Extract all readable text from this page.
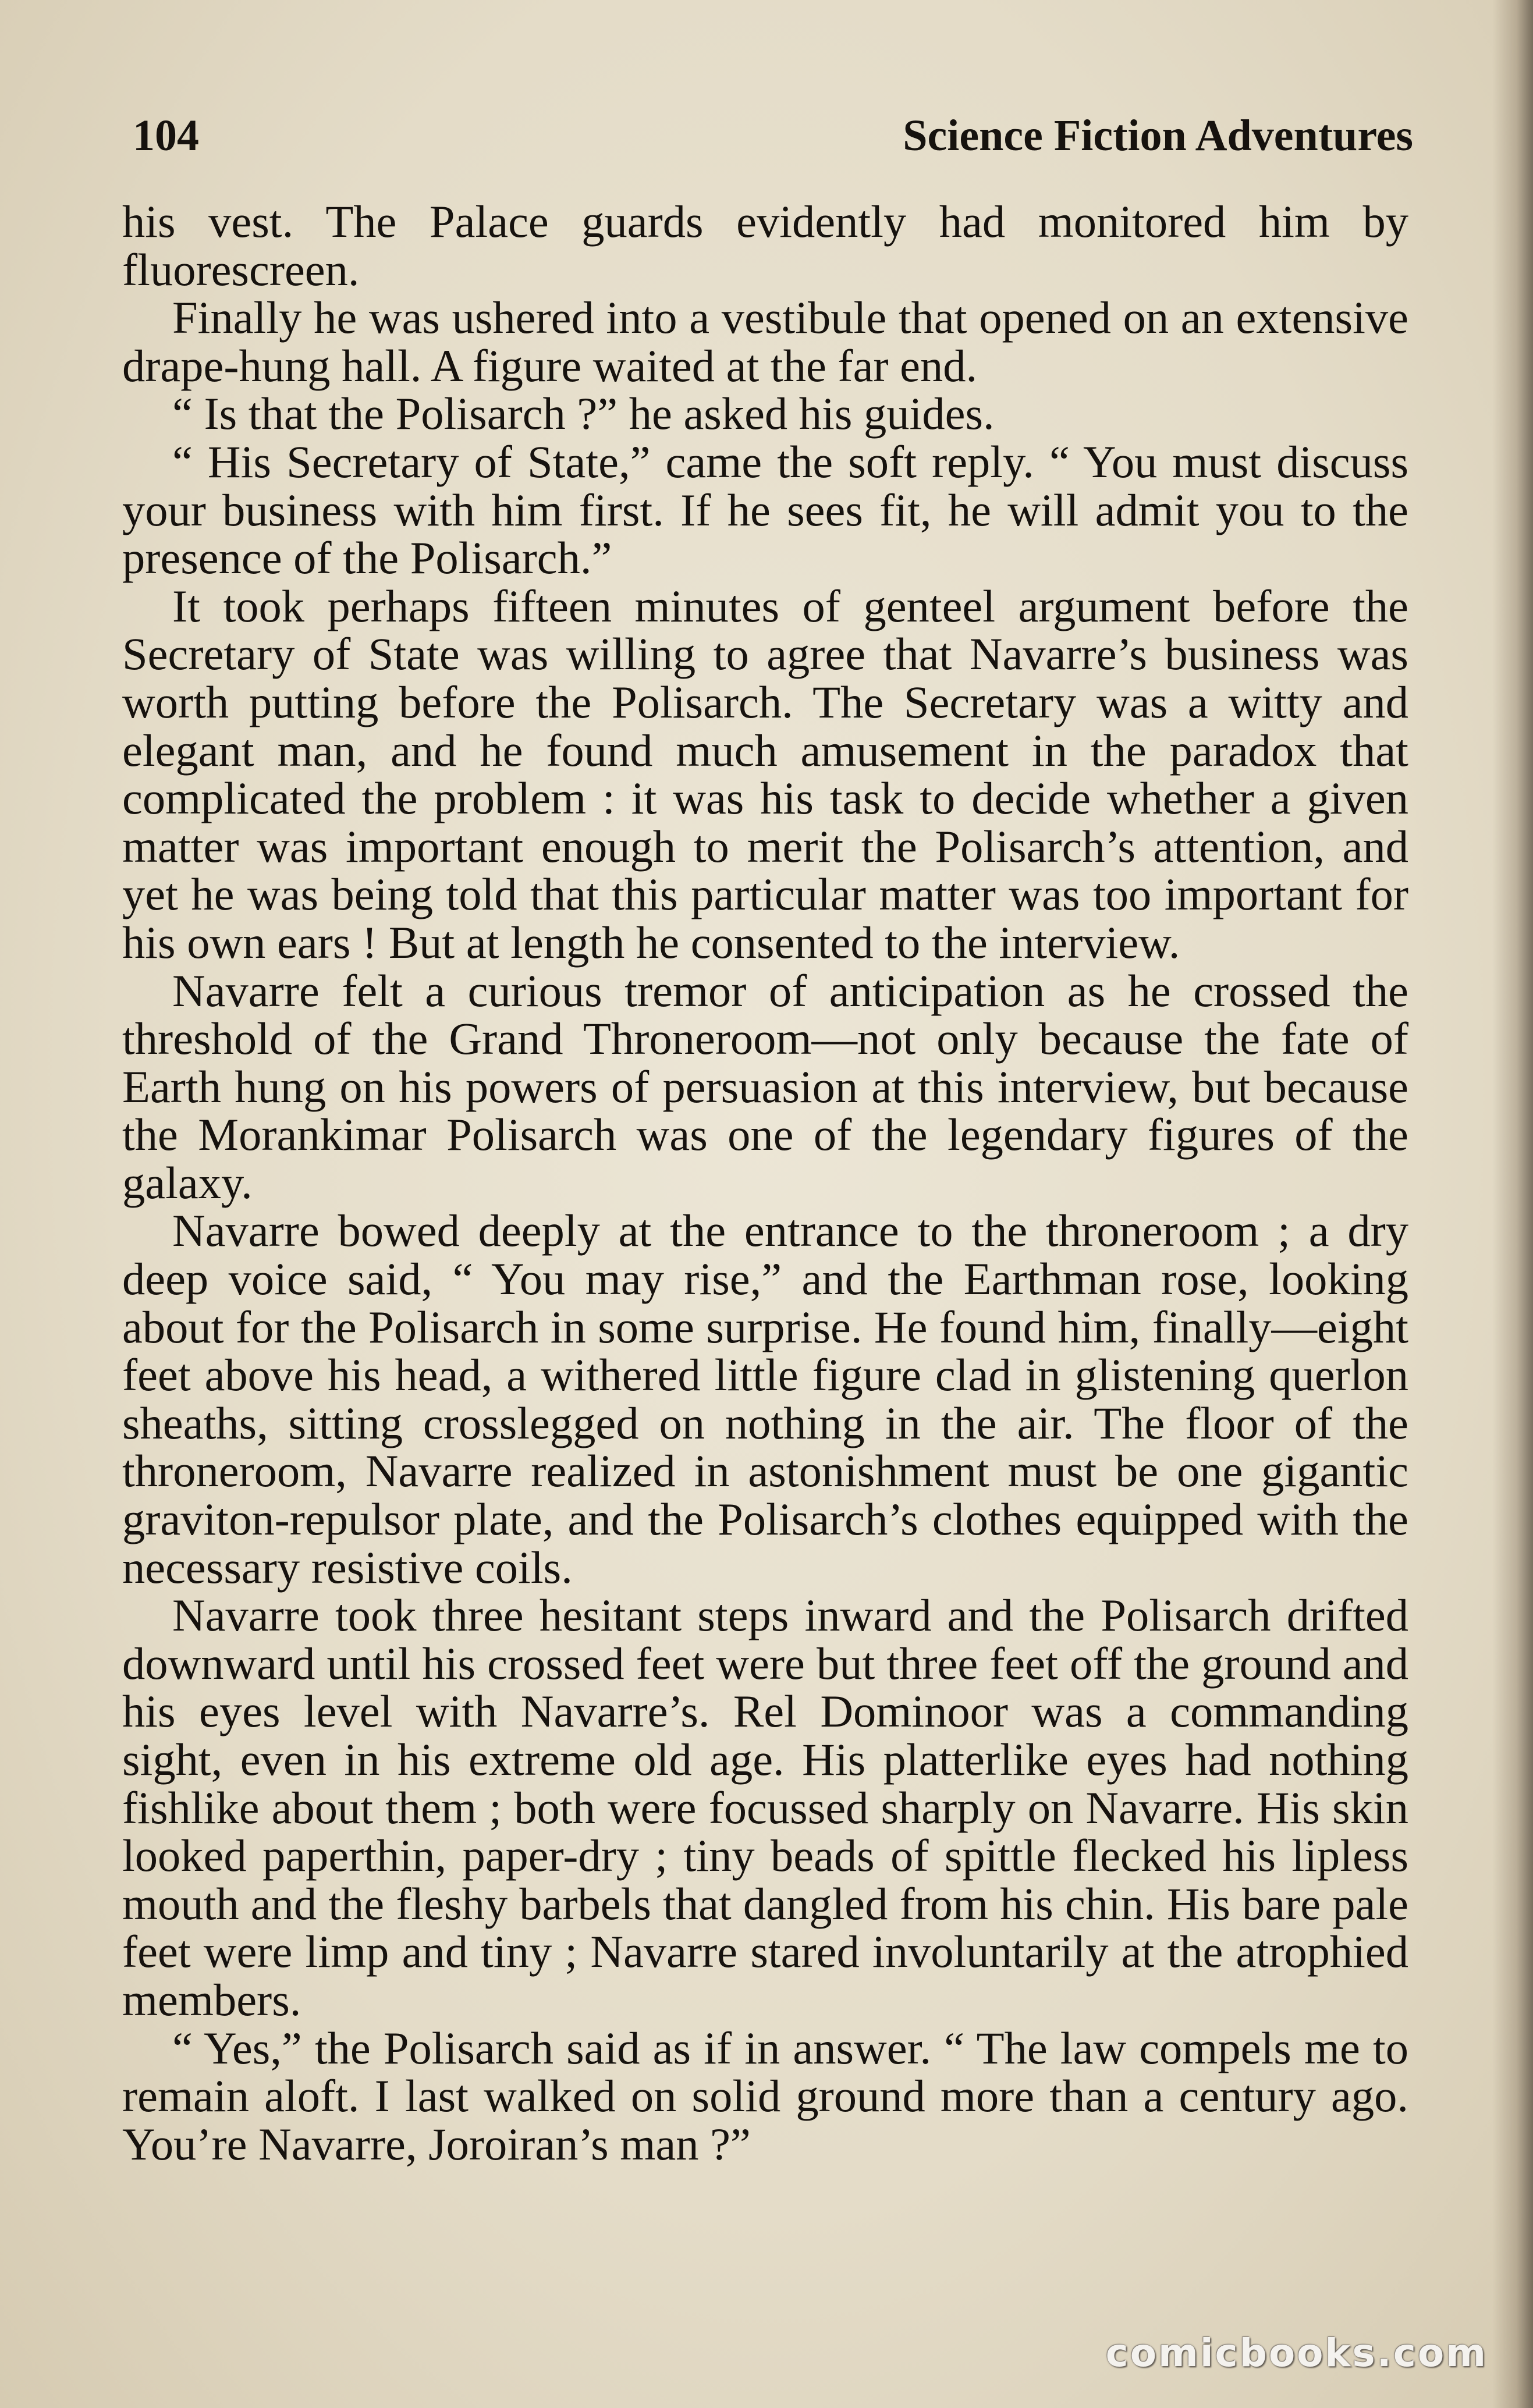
104	Science Fiction Adventures

his vest. The Palace guards evidently had monitored him by fluorescreen.

Finally he was ushered into a vestibule that opened on an extensive drape-hung hall. A figure waited at the far end.

“ Is that the Polisarch ?” he asked his guides.

“ His Secretary of State,” came the soft reply. “ You must discuss your business with him first. If he sees fit, he will admit you to the presence of the Polisarch.”

It took perhaps fifteen minutes of genteel argument before the Secretary of State was willing to agree that Navarre’s business was worth putting before the Polisarch. The Secretary was a witty and elegant man, and he found much amusement in the paradox that complicated the problem : it was his task to decide whether a given matter was important enough to merit the Polisarch’s attention, and yet he was being told that this particular matter was too important for his own ears ! But at length he consented to the interview.

Navarre felt a curious tremor of anticipation as he crossed the threshold of the Grand Throneroom—not only because the fate of Earth hung on his powers of persuasion at this interview, but because the Morankimar Polisarch was one of the legendary figures of the galaxy.

Navarre bowed deeply at the entrance to the throneroom ; a dry deep voice said, “ You may rise,” and the Earthman rose, looking about for the Polisarch in some surprise. He found him, finally—eight feet above his head, a withered little figure clad in glistening querlon sheaths, sitting crosslegged on nothing in the air. The floor of the throneroom, Navarre realized in astonishment must be one gigantic graviton-repulsor plate, and the Polisarch’s clothes equipped with the necessary resistive coils.

Navarre took three hesitant steps inward and the Polisarch drifted downward until his crossed feet were but three feet off the ground and his eyes level with Navarre’s. Rel Dominoor was a commanding sight, even in his extreme old age. His platterlike eyes had nothing fishlike about them ; both were focussed sharply on Navarre. His skin looked paperthin, paper-dry ; tiny beads of spittle flecked his lipless mouth and the fleshy barbels that dangled from his chin. His bare pale feet were limp and tiny ; Navarre stared involuntarily at the atrophied members.

“ Yes,” the Polisarch said as if in answer. “ The law compels me to remain aloft. I last walked on solid ground more than a century ago. You’re Navarre, Joroiran’s man ?”

comicbooks.com
